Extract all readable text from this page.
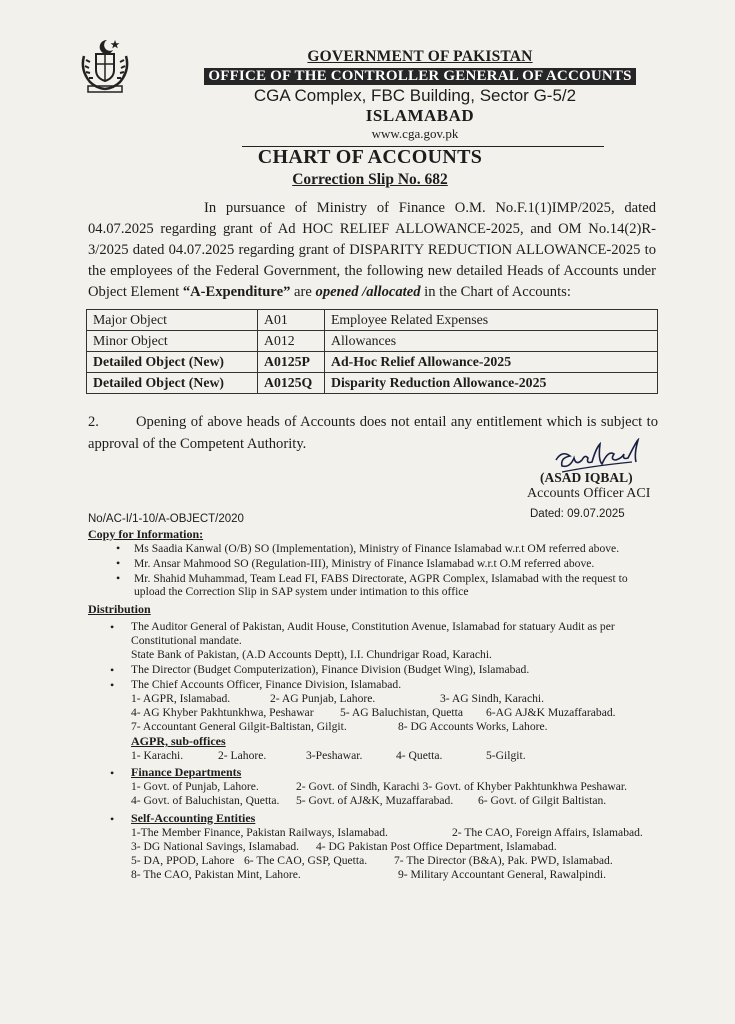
GOVERNMENT OF PAKISTAN
OFFICE OF THE CONTROLLER GENERAL OF ACCOUNTS
CGA Complex, FBC Building, Sector G-5/2
ISLAMABAD
www.cga.gov.pk
CHART OF ACCOUNTS
Correction Slip No. 682
In pursuance of Ministry of Finance O.M. No.F.1(1)IMP/2025, dated 04.07.2025 regarding grant of Ad HOC RELIEF ALLOWANCE-2025, and OM No.14(2)R-3/2025 dated 04.07.2025 regarding grant of DISPARITY REDUCTION ALLOWANCE-2025 to the employees of the Federal Government, the following new detailed Heads of Accounts under Object Element “A-Expenditure” are opened /allocated in the Chart of Accounts:
Major Object	A01	Employee Related Expenses
Minor Object	A012	Allowances
Detailed Object (New)	A0125P	Ad-Hoc Relief Allowance-2025
Detailed Object (New)	A0125Q	Disparity Reduction Allowance-2025
2.	Opening of above heads of Accounts does not entail any entitlement which is subject to approval of the Competent Authority.
(ASAD IQBAL)
Accounts Officer ACI
No/AC-I/1-10/A-OBJECT/2020	Dated: 09.07.2025
Copy for Information:
• Ms Saadia Kanwal (O/B) SO (Implementation), Ministry of Finance Islamabad w.r.t OM referred above.
• Mr. Ansar Mahmood SO (Regulation-III), Ministry of Finance Islamabad w.r.t O.M referred above.
• Mr. Shahid Muhammad, Team Lead FI, FABS Directorate, AGPR Complex, Islamabad with the request to
upload the Correction Slip in SAP system under intimation to this office
Distribution
• The Auditor General of Pakistan, Audit House, Constitution Avenue, Islamabad for statuary Audit as per
Constitutional mandate.
State Bank of Pakistan, (A.D Accounts Deptt), I.I. Chundrigar Road, Karachi.
• The Director (Budget Computerization), Finance Division (Budget Wing), Islamabad.
• The Chief Accounts Officer, Finance Division, Islamabad.
1- AGPR, Islamabad.	2- AG Punjab, Lahore.	3- AG Sindh, Karachi.
4- AG Khyber Pakhtunkhwa, Peshawar 5- AG Baluchistan, Quetta 6-AG AJ&K Muzaffarabad.
7- Accountant General Gilgit-Baltistan, Gilgit.	8- DG Accounts Works, Lahore.
AGPR, sub-offices
1- Karachi.	2- Lahore.	3-Peshawar.	4- Quetta.	5-Gilgit.
• Finance Departments
1- Govt. of Punjab, Lahore.	2- Govt. of Sindh, Karachi 3- Govt. of Khyber Pakhtunkhwa Peshawar.
4- Govt. of Baluchistan, Quetta. 5- Govt. of AJ&K, Muzaffarabad. 6- Govt. of Gilgit Baltistan.
• Self-Accounting Entities
1-The Member Finance, Pakistan Railways, Islamabad.	2- The CAO, Foreign Affairs, Islamabad.
3- DG National Savings, Islamabad. 4- DG Pakistan Post Office Department, Islamabad.
5- DA, PPOD, Lahore 6- The CAO, GSP, Quetta. 7- The Director (B&A), Pak. PWD, Islamabad.
8- The CAO, Pakistan Mint, Lahore.	9- Military Accountant General, Rawalpindi.
